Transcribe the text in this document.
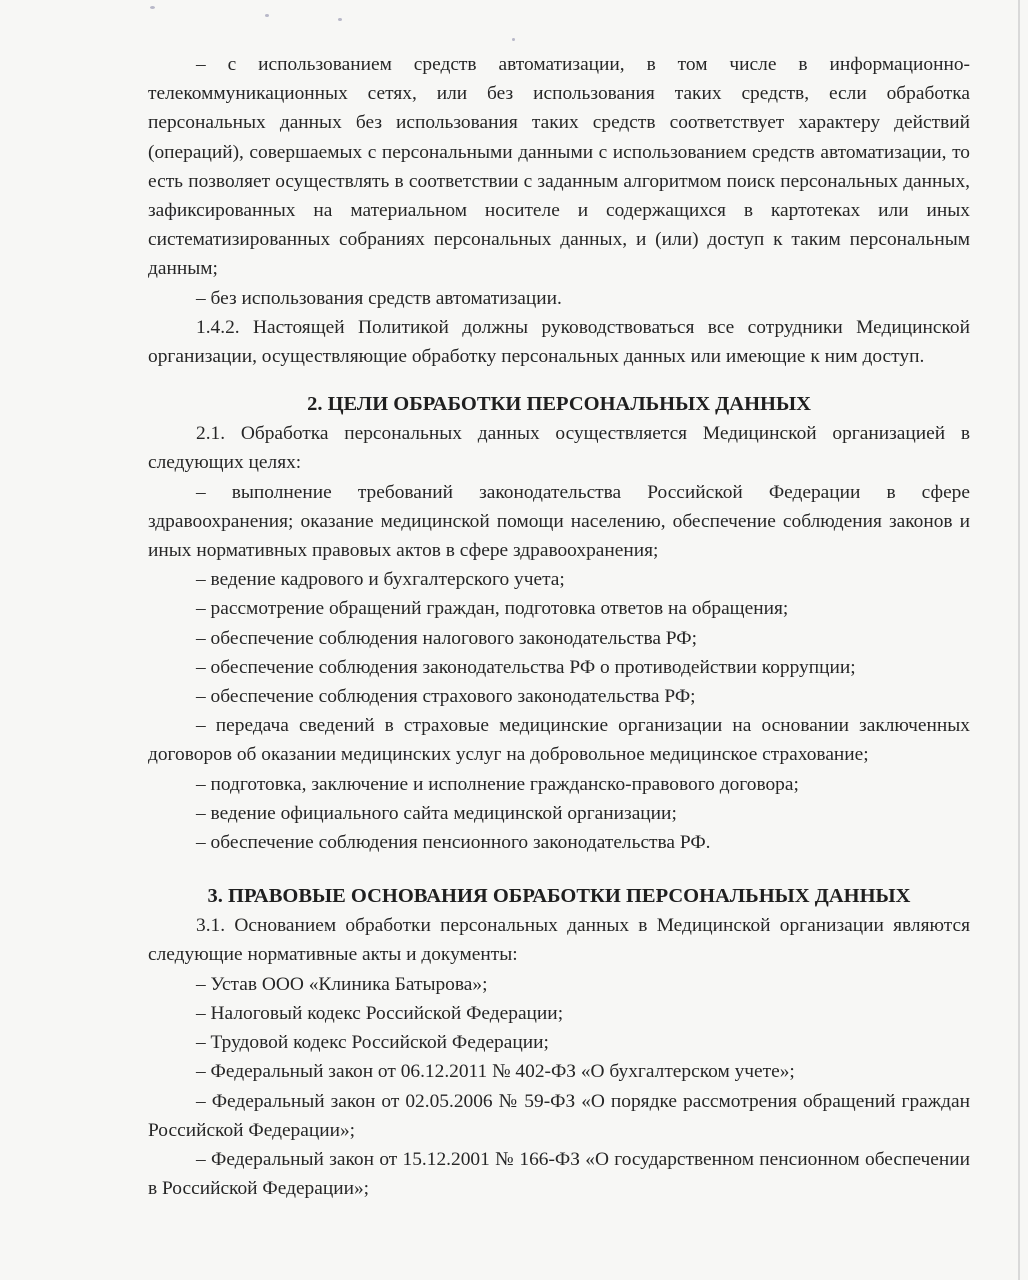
– с использованием средств автоматизации, в том числе в информационно-телекоммуникационных сетях, или без использования таких средств, если обработка персональных данных без использования таких средств соответствует характеру действий (операций), совершаемых с персональными данными с использованием средств автоматизации, то есть позволяет осуществлять в соответствии с заданным алгоритмом поиск персональных данных, зафиксированных на материальном носителе и содержащихся в картотеках или иных систематизированных собраниях персональных данных, и (или) доступ к таким персональным данным;

– без использования средств автоматизации.

1.4.2. Настоящей Политикой должны руководствоваться все сотрудники Медицинской организации, осуществляющие обработку персональных данных или имеющие к ним доступ.

2. ЦЕЛИ ОБРАБОТКИ ПЕРСОНАЛЬНЫХ ДАННЫХ

2.1. Обработка персональных данных осуществляется Медицинской организацией в следующих целях:

– выполнение требований законодательства Российской Федерации в сфере здравоохранения; оказание медицинской помощи населению, обеспечение соблюдения законов и иных нормативных правовых актов в сфере здравоохранения;

– ведение кадрового и бухгалтерского учета;

– рассмотрение обращений граждан, подготовка ответов на обращения;

– обеспечение соблюдения налогового законодательства РФ;

– обеспечение соблюдения законодательства РФ о противодействии коррупции;

– обеспечение соблюдения страхового законодательства РФ;

– передача сведений в страховые медицинские организации на основании заключенных договоров об оказании медицинских услуг на добровольное медицинское страхование;

– подготовка, заключение и исполнение гражданско-правового договора;

– ведение официального сайта медицинской организации;

– обеспечение соблюдения пенсионного законодательства РФ.

3. ПРАВОВЫЕ ОСНОВАНИЯ ОБРАБОТКИ ПЕРСОНАЛЬНЫХ ДАННЫХ

3.1. Основанием обработки персональных данных в Медицинской организации являются следующие нормативные акты и документы:

– Устав ООО «Клиника Батырова»;

– Налоговый кодекс Российской Федерации;

– Трудовой кодекс Российской Федерации;

– Федеральный закон от 06.12.2011 № 402-ФЗ «О бухгалтерском учете»;

– Федеральный закон от 02.05.2006 № 59-ФЗ «О порядке рассмотрения обращений граждан Российской Федерации»;

– Федеральный закон от 15.12.2001 № 166-ФЗ «О государственном пенсионном обеспечении в Российской Федерации»;
